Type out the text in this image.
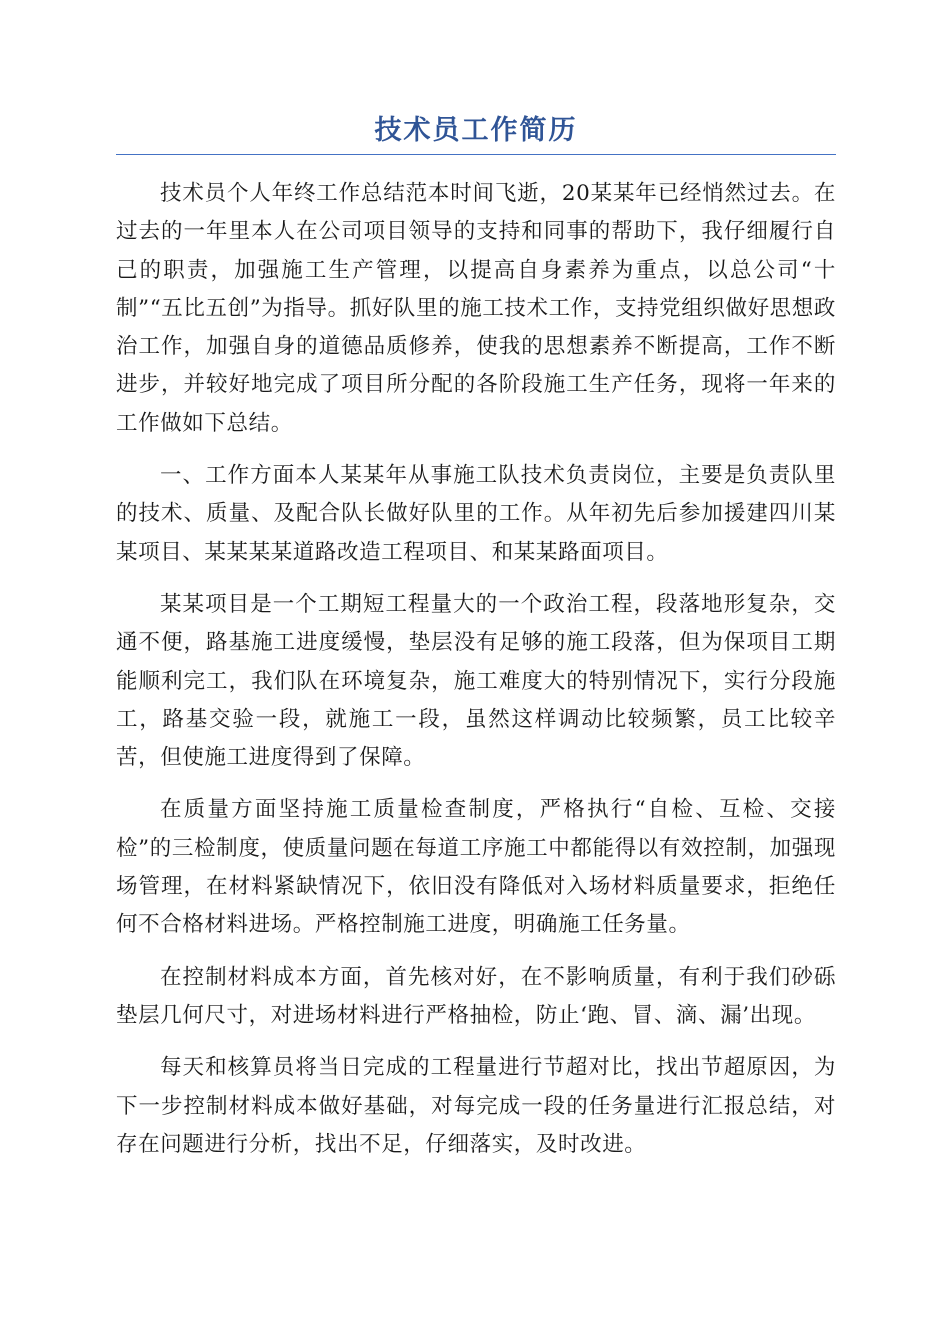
技术员工作简历

技术员个人年终工作总结范本时间飞逝，20某某年已经悄然过去。在过去的一年里本人在公司项目领导的支持和同事的帮助下，我仔细履行自己的职责，加强施工生产管理，以提高自身素养为重点，以总公司“十制”“五比五创”为指导。抓好队里的施工技术工作，支持党组织做好思想政治工作，加强自身的道德品质修养，使我的思想素养不断提高，工作不断进步，并较好地完成了项目所分配的各阶段施工生产任务，现将一年来的工作做如下总结。

一、工作方面本人某某年从事施工队技术负责岗位，主要是负责队里的技术、质量、及配合队长做好队里的工作。从年初先后参加援建四川某某项目、某某某某道路改造工程项目、和某某路面项目。

某某项目是一个工期短工程量大的一个政治工程，段落地形复杂，交通不便，路基施工进度缓慢，垫层没有足够的施工段落，但为保项目工期能顺利完工，我们队在环境复杂，施工难度大的特别情况下，实行分段施工，路基交验一段，就施工一段，虽然这样调动比较频繁，员工比较辛苦，但使施工进度得到了保障。

在质量方面坚持施工质量检查制度，严格执行“自检、互检、交接检”的三检制度，使质量问题在每道工序施工中都能得以有效控制，加强现场管理，在材料紧缺情况下，依旧没有降低对入场材料质量要求，拒绝任何不合格材料进场。严格控制施工进度，明确施工任务量。

在控制材料成本方面，首先核对好，在不影响质量，有利于我们砂砾垫层几何尺寸，对进场材料进行严格抽检，防止‘跑、冒、滴、漏’出现。

每天和核算员将当日完成的工程量进行节超对比，找出节超原因，为下一步控制材料成本做好基础，对每完成一段的任务量进行汇报总结，对存在问题进行分析，找出不足，仔细落实，及时改进。
